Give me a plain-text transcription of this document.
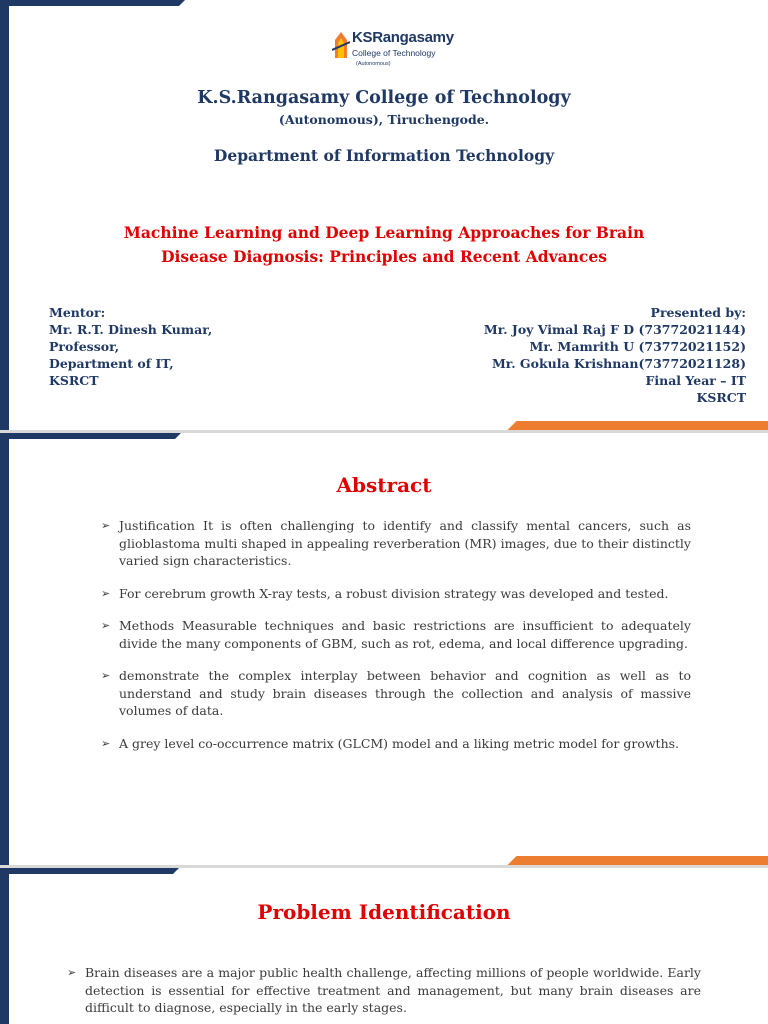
KSRangasamy
College of Technology
(Autonomous)
K.S.Rangasamy College of Technology
(Autonomous), Tiruchengode.
Department of Information Technology
Machine Learning and Deep Learning Approaches for Brain
Disease Diagnosis: Principles and Recent Advances
Mentor:
Mr. R.T. Dinesh Kumar,
Professor,
Department of IT,
KSRCT
Presented by:
Mr. Joy Vimal Raj F D (73772021144)
Mr. Mamrith U (73772021152)
Mr. Gokula Krishnan(73772021128)
Final Year – IT
KSRCT
Abstract
➢ Justification It is often challenging to identify and classify mental cancers, such as glioblastoma multi shaped in appealing reverberation (MR) images, due to their distinctly varied sign characteristics.
➢ For cerebrum growth X-ray tests, a robust division strategy was developed and tested.
➢ Methods Measurable techniques and basic restrictions are insufficient to adequately divide the many components of GBM, such as rot, edema, and local difference upgrading.
➢ demonstrate the complex interplay between behavior and cognition as well as to understand and study brain diseases through the collection and analysis of massive volumes of data.
➢ A grey level co-occurrence matrix (GLCM) model and a liking metric model for growths.
Problem Identification
➢ Brain diseases are a major public health challenge, affecting millions of people worldwide. Early detection is essential for effective treatment and management, but many brain diseases are difficult to diagnose, especially in the early stages.
